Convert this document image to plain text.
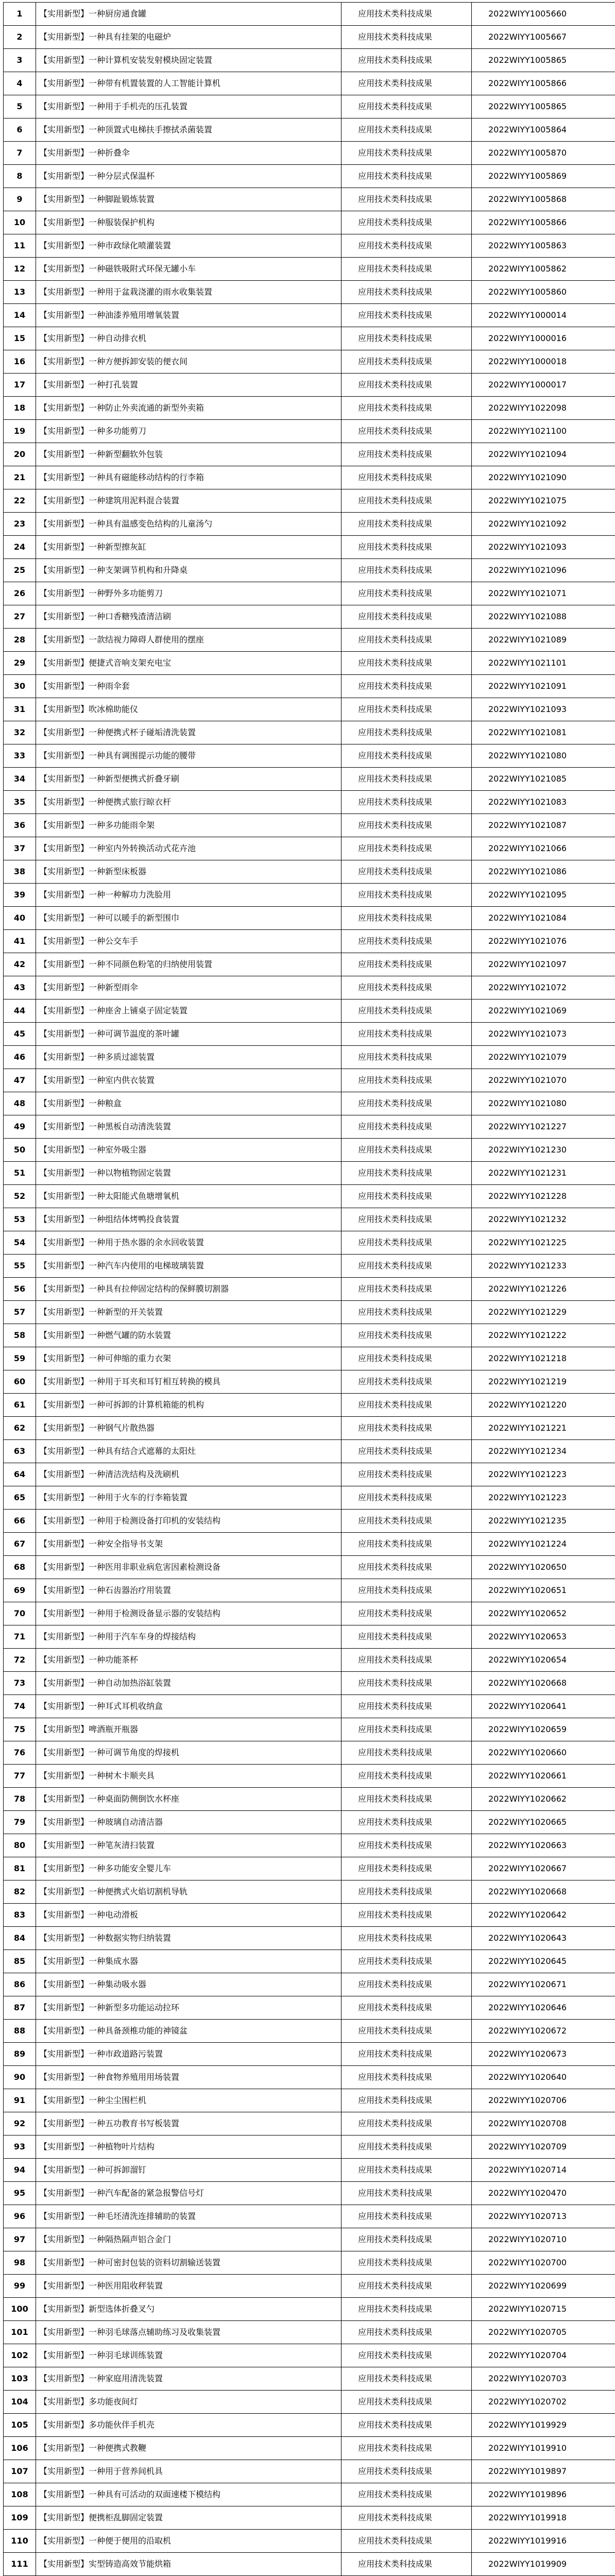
1	【实用新型】一种厨房通食罐	应用技术类科技成果	2022WIYY1005660
2	【实用新型】一种具有挂架的电磁炉	应用技术类科技成果	2022WIYY1005667
3	【实用新型】一种计算机安装发射模块固定装置	应用技术类科技成果	2022WIYY1005865
4	【实用新型】一种带有机置装置的人工智能计算机	应用技术类科技成果	2022WIYY1005866
5	【实用新型】一种用于手机壳的压孔装置	应用技术类科技成果	2022WIYY1005865
6	【实用新型】一种顶置式电梯扶手擦拭杀菌装置	应用技术类科技成果	2022WIYY1005864
7	【实用新型】一种折叠伞	应用技术类科技成果	2022WIYY1005870
8	【实用新型】一种分层式保温杯	应用技术类科技成果	2022WIYY1005869
9	【实用新型】一种脚趾锻炼装置	应用技术类科技成果	2022WIYY1005868
10	【实用新型】一种服装保护机构	应用技术类科技成果	2022WIYY1005866
11	【实用新型】一种市政绿化喷灌装置	应用技术类科技成果	2022WIYY1005863
12	【实用新型】一种磁铁吸附式环保无罐小车	应用技术类科技成果	2022WIYY1005862
13	【实用新型】一种用于盆栽浇灌的雨水收集装置	应用技术类科技成果	2022WIYY1005860
14	【实用新型】一种油漆养殖用增氧装置	应用技术类科技成果	2022WIYY1000014
15	【实用新型】一种自动排衣机	应用技术类科技成果	2022WIYY1000016
16	【实用新型】一种方便拆卸安装的便衣间	应用技术类科技成果	2022WIYY1000018
17	【实用新型】一种打孔装置	应用技术类科技成果	2022WIYY1000017
18	【实用新型】一种防止外卖流通的新型外卖箱	应用技术类科技成果	2022WIYY1022098
19	【实用新型】一种多功能剪刀	应用技术类科技成果	2022WIYY1021100
20	【实用新型】一种新型翻软外包装	应用技术类科技成果	2022WIYY1021094
21	【实用新型】一种具有磁能移动结构的行李箱	应用技术类科技成果	2022WIYY1021090
22	【实用新型】一种建筑用泥料混合装置	应用技术类科技成果	2022WIYY1021075
23	【实用新型】一种具有温感变色结构的儿童汤勺	应用技术类科技成果	2022WIYY1021092
24	【实用新型】一种新型擦灰缸	应用技术类科技成果	2022WIYY1021093
25	【实用新型】一种支架调节机构和升降桌	应用技术类科技成果	2022WIYY1021096
26	【实用新型】一种野外多功能剪刀	应用技术类科技成果	2022WIYY1021071
27	【实用新型】一种口香糖残渣清洁刷	应用技术类科技成果	2022WIYY1021088
28	【实用新型】一款结视力障碍人群使用的摆座	应用技术类科技成果	2022WIYY1021089
29	【实用新型】便捷式音响支架充电宝	应用技术类科技成果	2022WIYY1021101
30	【实用新型】一种雨伞套	应用技术类科技成果	2022WIYY1021091
31	【实用新型】吹冰棉助能仪	应用技术类科技成果	2022WIYY1021093
32	【实用新型】一种便携式杯子碰垢清洗装置	应用技术类科技成果	2022WIYY1021081
33	【实用新型】一种具有调围提示功能的腰带	应用技术类科技成果	2022WIYY1021080
34	【实用新型】一种新型便携式折叠牙刷	应用技术类科技成果	2022WIYY1021085
35	【实用新型】一种便携式旅行晾衣杆	应用技术类科技成果	2022WIYY1021083
36	【实用新型】一种多功能雨伞架	应用技术类科技成果	2022WIYY1021087
37	【实用新型】一种室内外转换活动式花卉池	应用技术类科技成果	2022WIYY1021066
38	【实用新型】一种新型床板器	应用技术类科技成果	2022WIYY1021086
39	【实用新型】一种一种解功力洗脸用	应用技术类科技成果	2022WIYY1021095
40	【实用新型】一种可以暖手的新型围巾	应用技术类科技成果	2022WIYY1021084
41	【实用新型】一种公交车手	应用技术类科技成果	2022WIYY1021076
42	【实用新型】一种不同颜色粉笔的归纳使用装置	应用技术类科技成果	2022WIYY1021097
43	【实用新型】一种新型雨伞	应用技术类科技成果	2022WIYY1021072
44	【实用新型】一种座舍上铺桌子固定装置	应用技术类科技成果	2022WIYY1021069
45	【实用新型】一种可调节温度的茶叶罐	应用技术类科技成果	2022WIYY1021073
46	【实用新型】一种多质过滤装置	应用技术类科技成果	2022WIYY1021079
47	【实用新型】一种室内供衣装置	应用技术类科技成果	2022WIYY1021070
48	【实用新型】一种粮盒	应用技术类科技成果	2022WIYY1021080
49	【实用新型】一种黑板自动清洗装置	应用技术类科技成果	2022WIYY1021227
50	【实用新型】一种室外吸尘器	应用技术类科技成果	2022WIYY1021230
51	【实用新型】一种以物植物固定装置	应用技术类科技成果	2022WIYY1021231
52	【实用新型】一种太阳能式鱼塘增氧机	应用技术类科技成果	2022WIYY1021228
53	【实用新型】一种组结体烤鸭投食装置	应用技术类科技成果	2022WIYY1021232
54	【实用新型】一种用于热水器的余水回收装置	应用技术类科技成果	2022WIYY1021225
55	【实用新型】一种汽车内使用的电梯玻璃装置	应用技术类科技成果	2022WIYY1021233
56	【实用新型】一种具有拉伸固定结构的保鲜膜切割器	应用技术类科技成果	2022WIYY1021226
57	【实用新型】一种新型的开关装置	应用技术类科技成果	2022WIYY1021229
58	【实用新型】一种燃气罐的防水装置	应用技术类科技成果	2022WIYY1021222
59	【实用新型】一种可伸缩的重力衣架	应用技术类科技成果	2022WIYY1021218
60	【实用新型】一种用于耳夹和耳钉相互转换的模具	应用技术类科技成果	2022WIYY1021219
61	【实用新型】一种可拆卸的计算机箱能的机构	应用技术类科技成果	2022WIYY1021220
62	【实用新型】一种钢气片散热器	应用技术类科技成果	2022WIYY1021221
63	【实用新型】一种具有结合式遮幕的太阳灶	应用技术类科技成果	2022WIYY1021234
64	【实用新型】一种清洁洗结构及洗刷机	应用技术类科技成果	2022WIYY1021223
65	【实用新型】一种用于火车的行李箱装置	应用技术类科技成果	2022WIYY1021223
66	【实用新型】一种用于检测设备打印机的安装结构	应用技术类科技成果	2022WIYY1021235
67	【实用新型】一种安全指导书支架	应用技术类科技成果	2022WIYY1021224
68	【实用新型】一种医用非职业病危害因素检测设备	应用技术类科技成果	2022WIYY1020650
69	【实用新型】一种石齿器治疗用装置	应用技术类科技成果	2022WIYY1020651
70	【实用新型】一种用于检测设备显示器的安装结构	应用技术类科技成果	2022WIYY1020652
71	【实用新型】一种用于汽车车身的焊接结构	应用技术类科技成果	2022WIYY1020653
72	【实用新型】一种功能茶杯	应用技术类科技成果	2022WIYY1020654
73	【实用新型】一种自动加热浴缸装置	应用技术类科技成果	2022WIYY1020668
74	【实用新型】一种耳式耳机收纳盒	应用技术类科技成果	2022WIYY1020641
75	【实用新型】啤酒瓶开瓶器	应用技术类科技成果	2022WIYY1020659
76	【实用新型】一种可调节角度的焊接机	应用技术类科技成果	2022WIYY1020660
77	【实用新型】一种树木卡顺夹具	应用技术类科技成果	2022WIYY1020661
78	【实用新型】一种桌面防侧倒饮水杯座	应用技术类科技成果	2022WIYY1020662
79	【实用新型】一种玻璃自动清洁器	应用技术类科技成果	2022WIYY1020665
80	【实用新型】一种笔灰清扫装置	应用技术类科技成果	2022WIYY1020663
81	【实用新型】一种多功能安全婴儿车	应用技术类科技成果	2022WIYY1020667
82	【实用新型】一种便携式火焰切割机导轨	应用技术类科技成果	2022WIYY1020668
83	【实用新型】一种电动滑板	应用技术类科技成果	2022WIYY1020642
84	【实用新型】一种数据实物归纳装置	应用技术类科技成果	2022WIYY1020643
85	【实用新型】一种集成水器	应用技术类科技成果	2022WIYY1020645
86	【实用新型】一种集动吸水器	应用技术类科技成果	2022WIYY1020671
87	【实用新型】一种新型多功能运动拉环	应用技术类科技成果	2022WIYY1020646
88	【实用新型】一种具备颈椎功能的神镜盆	应用技术类科技成果	2022WIYY1020672
89	【实用新型】一种市政道路污装置	应用技术类科技成果	2022WIYY1020673
90	【实用新型】一种食物养殖用用场装置	应用技术类科技成果	2022WIYY1020640
91	【实用新型】一种尘尘围栏机	应用技术类科技成果	2022WIYY1020706
92	【实用新型】一种五功教育书写板装置	应用技术类科技成果	2022WIYY1020708
93	【实用新型】一种植物叶片结构	应用技术类科技成果	2022WIYY1020709
94	【实用新型】一种可拆卸溜钉	应用技术类科技成果	2022WIYY1020714
95	【实用新型】一种汽车配备的紧急报警信号灯	应用技术类科技成果	2022WIYY1020470
96	【实用新型】一种毛坯清洗连排辅助的装置	应用技术类科技成果	2022WIYY1020713
97	【实用新型】一种隔热隔声铝合金门	应用技术类科技成果	2022WIYY1020710
98	【实用新型】一种可密封包装的资料切割输送装置	应用技术类科技成果	2022WIYY1020700
99	【实用新型】一种医用阻收秤装置	应用技术类科技成果	2022WIYY1020699
100	【实用新型】新型选体折叠叉勺	应用技术类科技成果	2022WIYY1020715
101	【实用新型】一种羽毛球落点辅助练习及收集装置	应用技术类科技成果	2022WIYY1020705
102	【实用新型】一种羽毛球训练装置	应用技术类科技成果	2022WIYY1020704
103	【实用新型】一种家庭用清洗装置	应用技术类科技成果	2022WIYY1020703
104	【实用新型】多功能夜间灯	应用技术类科技成果	2022WIYY1020702
105	【实用新型】多功能伙伴手机壳	应用技术类科技成果	2022WIYY1019929
106	【实用新型】一种便携式教鞭	应用技术类科技成果	2022WIYY1019910
107	【实用新型】一种用于营养间机具	应用技术类科技成果	2022WIYY1019897
108	【实用新型】一种具有可活动的双面速楼下模结构	应用技术类科技成果	2022WIYY1019896
109	【实用新型】便携柜乱脚固定装置	应用技术类科技成果	2022WIYY1019918
110	【实用新型】一种便于便用的沿取机	应用技术类科技成果	2022WIYY1019916
111	【实用新型】实型铸造高效节能烘箱	应用技术类科技成果	2022WIYY1019909
